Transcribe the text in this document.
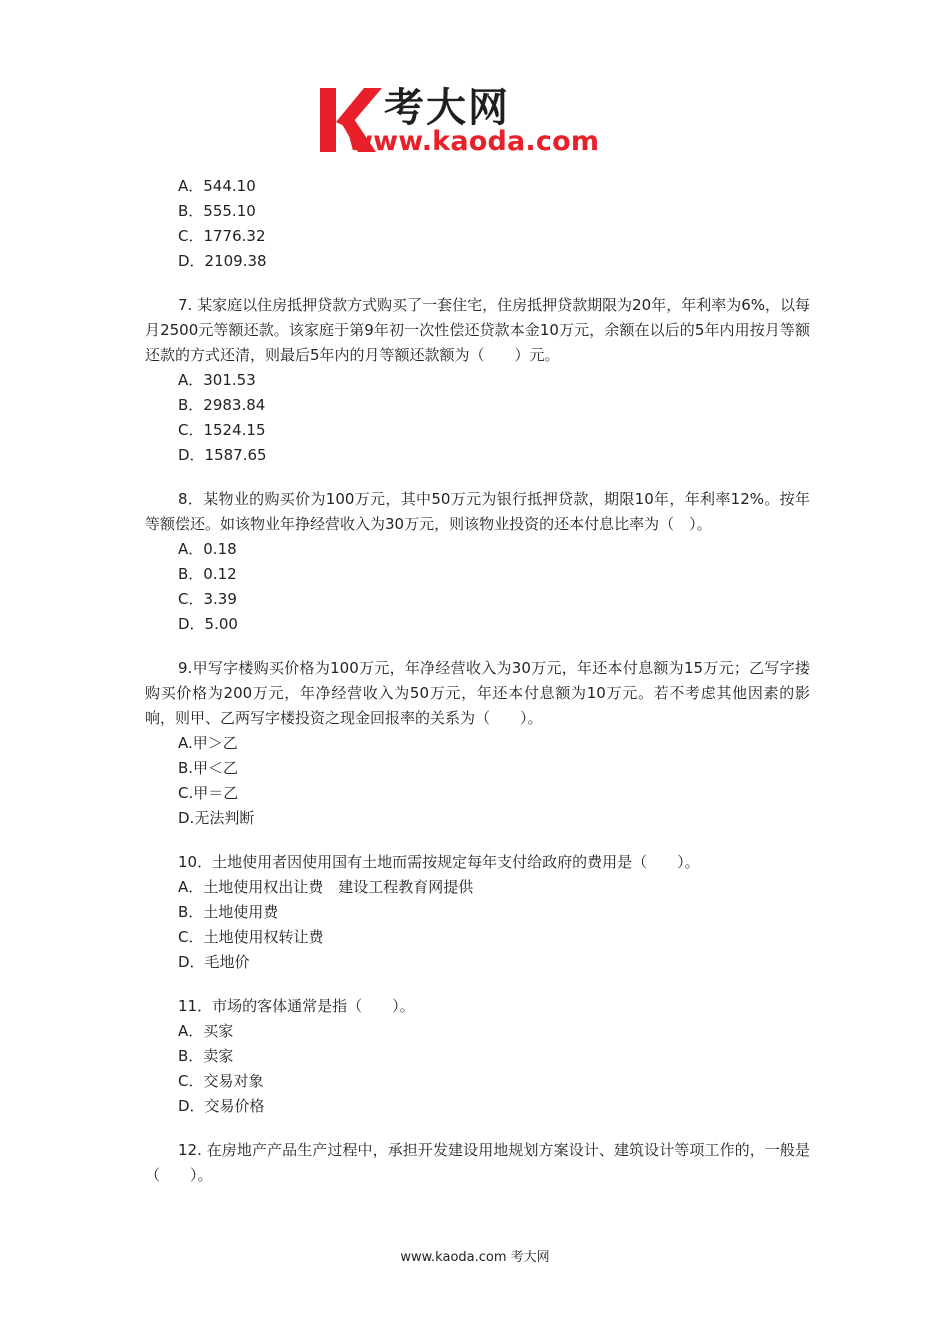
考大网
www.kaoda.com
A．544.10
B．555.10
C．1776.32
D．2109.38
7. 某家庭以住房抵押贷款方式购买了一套住宅，住房抵押贷款期限为20年，年利率为6%，以每月2500元等额还款。该家庭于第9年初一次性偿还贷款本金10万元，余额在以后的5年内用按月等额还款的方式还清，则最后5年内的月等额还款额为（　　）元。
A．301.53
B．2983.84
C．1524.15
D．1587.65
8．某物业的购买价为100万元，其中50万元为银行抵押贷款，期限10年，年利率12%。按年等额偿还。如该物业年挣经营收入为30万元，则该物业投资的还本付息比率为（　）。
A．0.18
B．0.12
C．3.39
D．5.00
9.甲写字楼购买价格为100万元，年净经营收入为30万元，年还本付息额为15万元；乙写字搂购买价格为200万元，年净经营收入为50万元，年还本付息额为10万元。若不考虑其他因素的影响，则甲、乙两写字楼投资之现金回报率的关系为（　　）。
A.甲＞乙
B.甲＜乙
C.甲＝乙
D.无法判断
10．土地使用者因使用国有土地而需按规定每年支付给政府的费用是（　　）。
A．土地使用权出让费　建设工程教育网提供
B．土地使用费
C．土地使用权转让费
D．毛地价
11．市场的客体通常是指（　　）。
A．买家
B．卖家
C．交易对象
D．交易价格
12. 在房地产产品生产过程中，承担开发建设用地规划方案设计、建筑设计等项工作的，一般是（　　）。
www.kaoda.com 考大网
